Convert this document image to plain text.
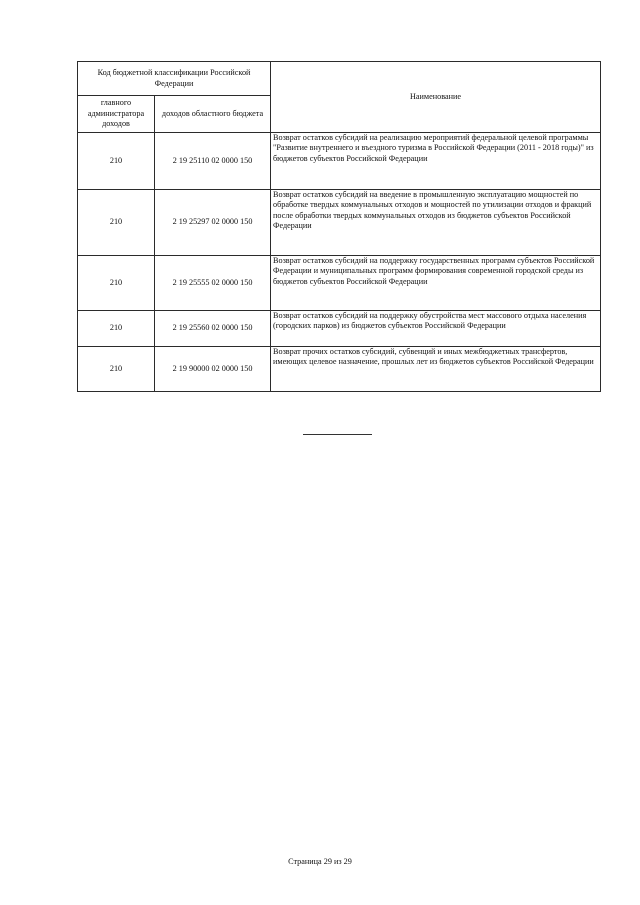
Код бюджетной классификации Российской Федерации		Наименование
главного администратора доходов	доходов областного бюджета	
210	2 19 25110 02 0000 150	Возврат остатков субсидий на реализацию мероприятий федеральной целевой программы "Развитие внутреннего и въездного туризма в Российской Федерации (2011 - 2018 годы)" из бюджетов субъектов Российской Федерации
210	2 19 25297 02 0000 150	Возврат остатков субсидий на введение в промышленную эксплуатацию мощностей по обработке твердых коммунальных отходов и мощностей по утилизации отходов и фракций после обработки твердых коммунальных отходов из бюджетов субъектов Российской Федерации
210	2 19 25555 02 0000 150	Возврат остатков субсидий на поддержку государственных программ субъектов Российской Федерации и муниципальных программ формирования современной городской среды из бюджетов субъектов Российской Федерации
210	2 19 25560 02 0000 150	Возврат остатков субсидий на поддержку обустройства мест массового отдыха населения (городских парков) из бюджетов субъектов Российской Федерации
210	2 19 90000 02 0000 150	Возврат прочих остатков субсидий, субвенций и иных межбюджетных трансфертов, имеющих целевое назначение, прошлых лет из бюджетов субъектов Российской Федерации
Страница 29 из 29
